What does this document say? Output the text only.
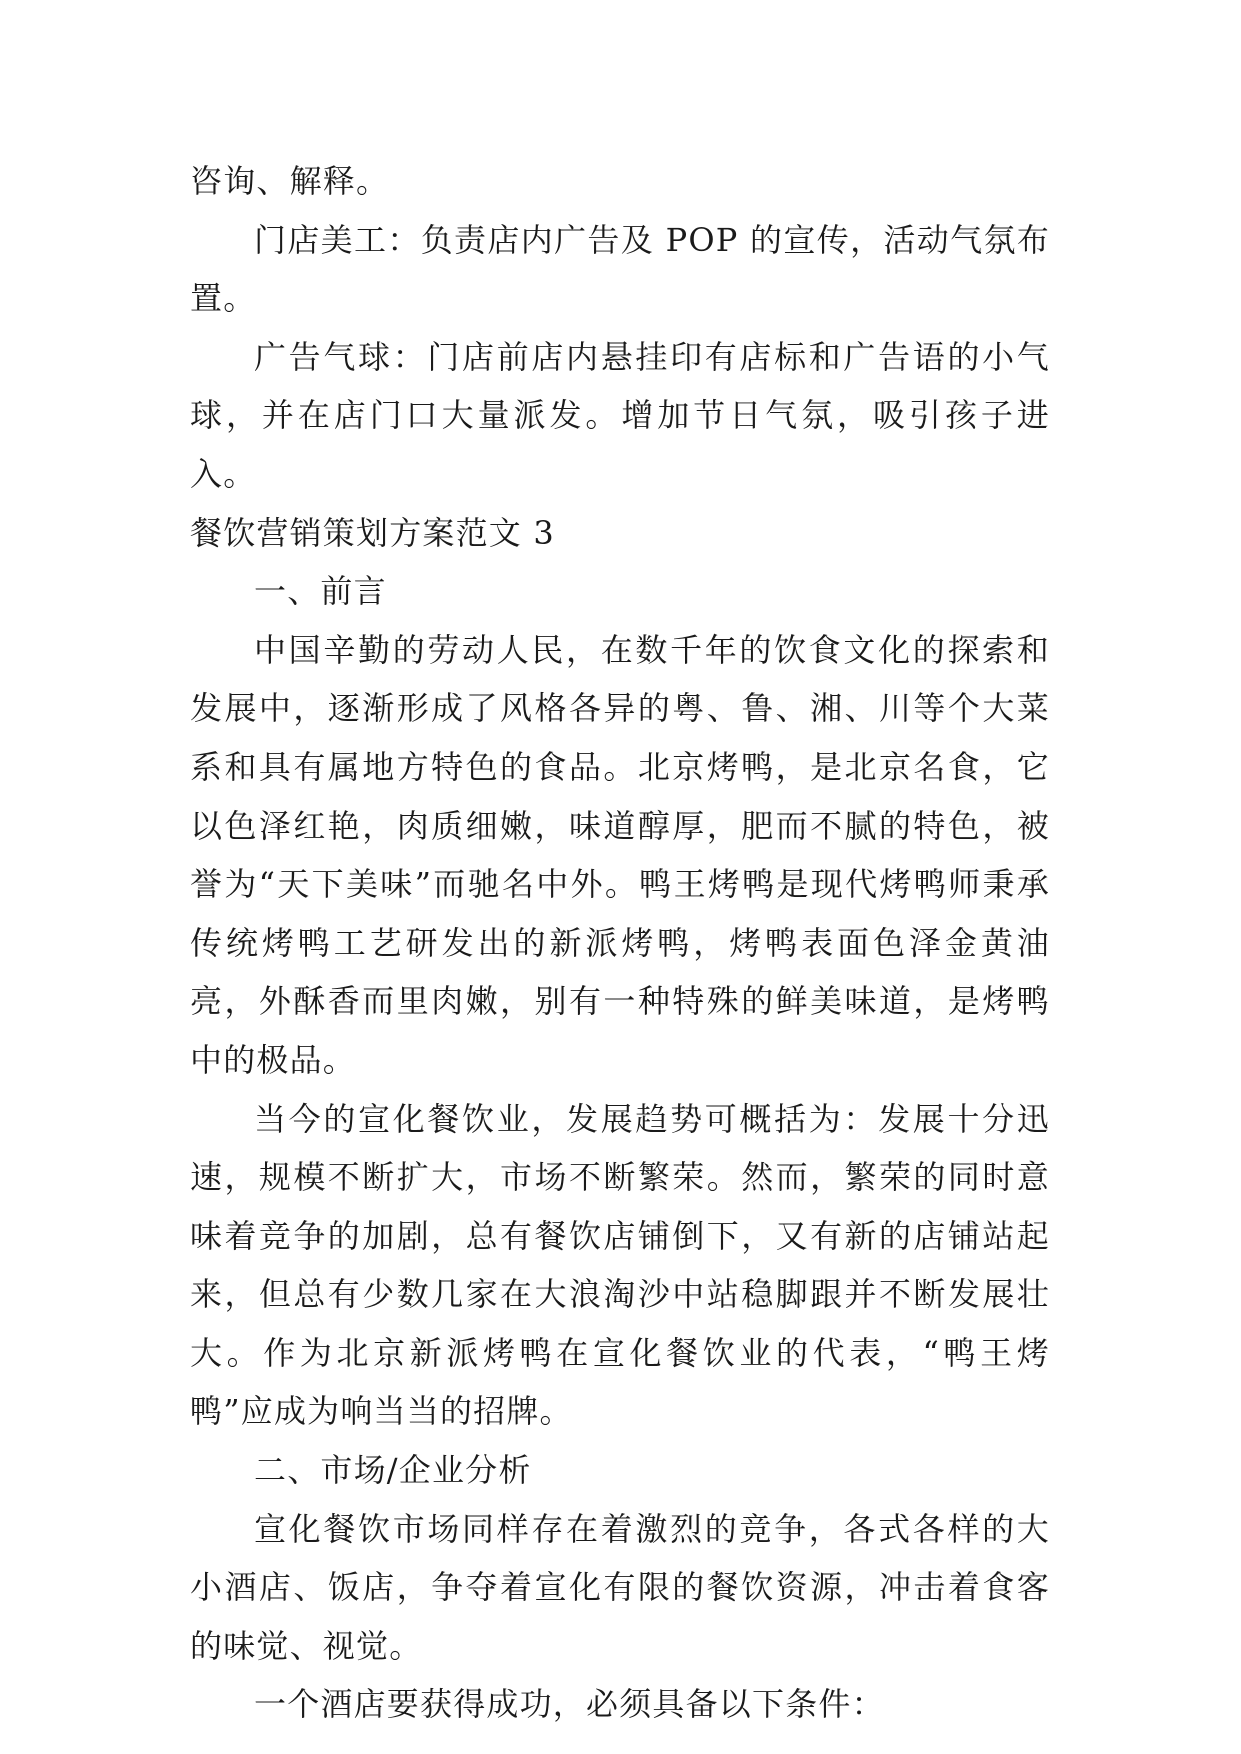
咨询、解释。

门店美工：负责店内广告及 POP 的宣传，活动气氛布置。

广告气球：门店前店内悬挂印有店标和广告语的小气球，并在店门口大量派发。增加节日气氛，吸引孩子进入。

餐饮营销策划方案范文 3

一、前言

中国辛勤的劳动人民，在数千年的饮食文化的探索和发展中，逐渐形成了风格各异的粤、鲁、湘、川等个大菜系和具有属地方特色的食品。北京烤鸭，是北京名食，它以色泽红艳，肉质细嫩，味道醇厚，肥而不腻的特色，被誉为“天下美味”而驰名中外。鸭王烤鸭是现代烤鸭师秉承传统烤鸭工艺研发出的新派烤鸭，烤鸭表面色泽金黄油亮，外酥香而里肉嫩，别有一种特殊的鲜美味道，是烤鸭中的极品。

当今的宣化餐饮业，发展趋势可概括为：发展十分迅速，规模不断扩大，市场不断繁荣。然而，繁荣的同时意味着竞争的加剧，总有餐饮店铺倒下，又有新的店铺站起来，但总有少数几家在大浪淘沙中站稳脚跟并不断发展壮大。作为北京新派烤鸭在宣化餐饮业的代表，“鸭王烤鸭”应成为响当当的招牌。

二、市场/企业分析

宣化餐饮市场同样存在着激烈的竞争，各式各样的大小酒店、饭店，争夺着宣化有限的餐饮资源，冲击着食客的味觉、视觉。

一个酒店要获得成功，必须具备以下条件：
